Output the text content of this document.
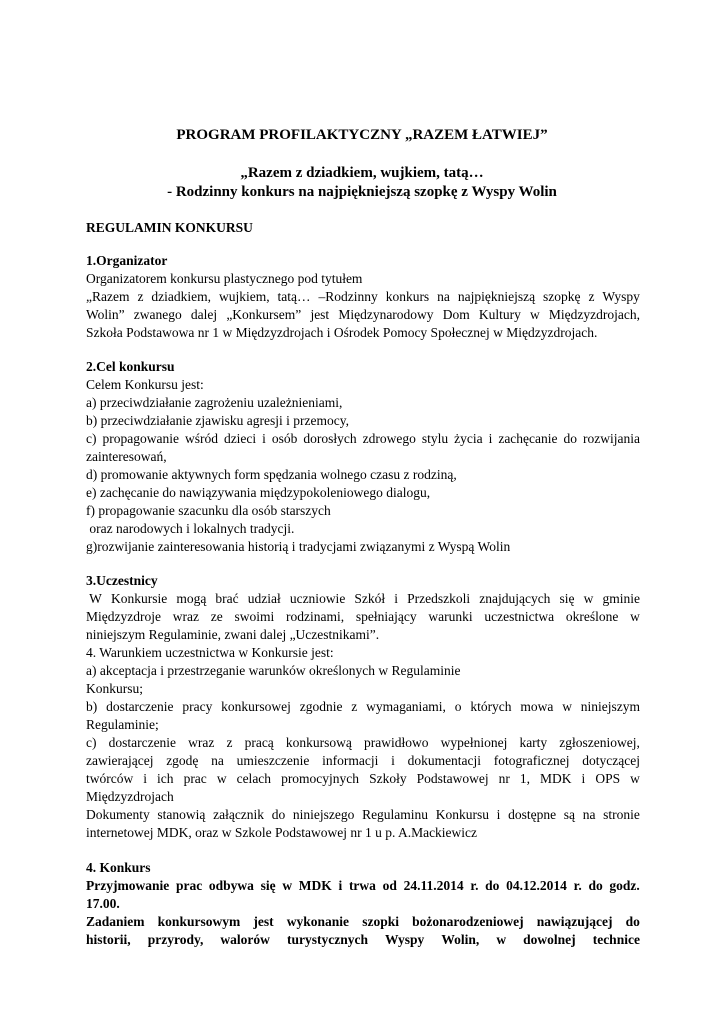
PROGRAM PROFILAKTYCZNY „RAZEM ŁATWIEJ”
„Razem z dziadkiem, wujkiem, tatą…
- Rodzinny konkurs na najpiękniejszą szopkę z Wyspy Wolin
REGULAMIN KONKURSU
1.Organizator
Organizatorem konkursu plastycznego pod tytułem
„Razem z dziadkiem, wujkiem, tatą… –Rodzinny konkurs na najpiękniejszą szopkę z Wyspy
Wolin” zwanego dalej „Konkursem” jest Międzynarodowy Dom Kultury w Międzyzdrojach,
Szkoła Podstawowa nr 1 w Międzyzdrojach i Ośrodek Pomocy Społecznej w Międzyzdrojach.
2.Cel konkursu
Celem Konkursu jest:
a) przeciwdziałanie zagrożeniu uzależnieniami,
b) przeciwdziałanie zjawisku agresji i przemocy,
c) propagowanie wśród dzieci i osób dorosłych zdrowego stylu życia i zachęcanie do rozwijania
zainteresowań,
d) promowanie aktywnych form spędzania wolnego czasu z rodziną,
e) zachęcanie do nawiązywania międzypokoleniowego dialogu,
f) propagowanie szacunku dla osób starszych
oraz narodowych i lokalnych tradycji.
g)rozwijanie zainteresowania historią i tradycjami związanymi z Wyspą Wolin
3.Uczestnicy
W Konkursie mogą brać udział uczniowie Szkół i Przedszkoli znajdujących się w gminie
Międzyzdroje wraz ze swoimi rodzinami, spełniający warunki uczestnictwa określone w
niniejszym Regulaminie, zwani dalej „Uczestnikami”.
4. Warunkiem uczestnictwa w Konkursie jest:
a) akceptacja i przestrzeganie warunków określonych w Regulaminie
Konkursu;
b) dostarczenie pracy konkursowej zgodnie z wymaganiami, o których mowa w niniejszym
Regulaminie;
c) dostarczenie wraz z pracą konkursową prawidłowo wypełnionej karty zgłoszeniowej,
zawierającej zgodę na umieszczenie informacji i dokumentacji fotograficznej dotyczącej
twórców i ich prac w celach promocyjnych Szkoły Podstawowej nr 1, MDK i OPS w
Międzyzdrojach
Dokumenty stanowią załącznik do niniejszego Regulaminu Konkursu i dostępne są na stronie
internetowej MDK, oraz w Szkole Podstawowej nr 1 u p. A.Mackiewicz
4. Konkurs
Przyjmowanie prac odbywa się w MDK i trwa od 24.11.2014 r. do 04.12.2014 r. do godz.
17.00.
Zadaniem konkursowym jest wykonanie szopki bożonarodzeniowej nawiązującej do
historii, przyrody, walorów turystycznych Wyspy Wolin, w dowolnej technice
